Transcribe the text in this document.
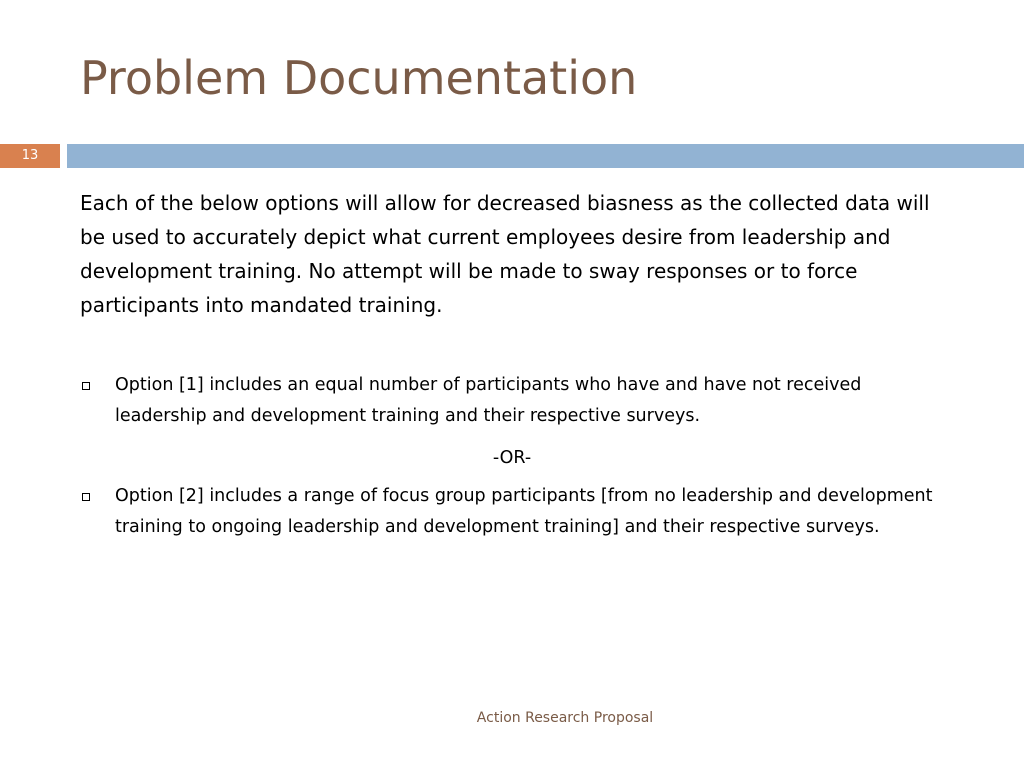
Problem Documentation
13

Each of the below options will allow for decreased biasness as the collected data will be used to accurately depict what current employees desire from leadership and development training. No attempt will be made to sway responses or to force participants into mandated training.

Option [1] includes an equal number of participants who have and have not received leadership and development training and their respective surveys.
-OR-
Option [2] includes a range of focus group participants [from no leadership and development training to ongoing leadership and development training] and their respective surveys.
Action Research Proposal
